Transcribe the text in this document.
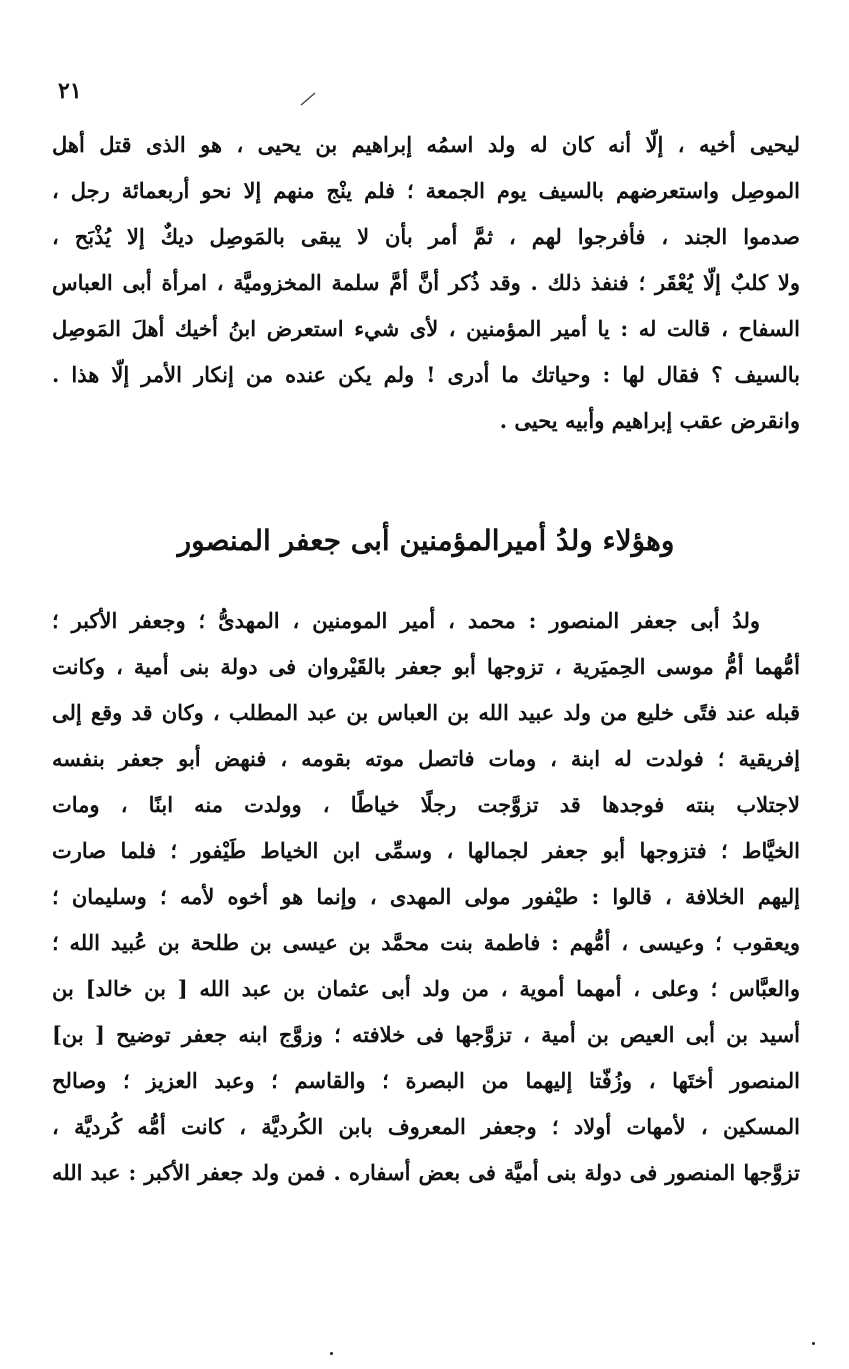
٢١
ليحيى أخيه ، إلّا أنه كان له ولد اسمُه إبراهيم بن يحيى ، هو الذى قتل أهل
الموصِل واستعرضهم بالسيف يوم الجمعة ؛ فلم ينْج منهم إلا نحو أربعمائة رجل ،
صدموا الجند ، فأفرجوا لهم ، ثمَّ أمر بأن لا يبقى بالمَوصِل ديكٌ إلا يُذْبَح ،
ولا كلبٌ إلّا يُعْقَر ؛ فنفذ ذلك . وقد ذُكر أنَّ أمَّ سلمة المخزوميَّة ، امرأة أبى العباس
السفاح ، قالت له : يا أمير المؤمنين ، لأى شيء استعرض ابنُ أخيك أهلَ المَوصِل
بالسيف ؟ فقال لها : وحياتك ما أدرى ! ولم يكن عنده من إنكار الأمر إلّا هذا .
وانقرض عقب إبراهيم وأبيه يحيى .
وهؤلاء ولدُ أميرالمؤمنين أبى جعفر المنصور
ولدُ أبى جعفر المنصور : محمد ، أمير المومنين ، المهدىُّ ؛ وجعفر الأكبر ؛
أمُّهما أمُّ موسى الحِميَرية ، تزوجها أبو جعفر بالقَيْروان فى دولة بنى أمية ، وكانت
قبله عند فتًى خليع من ولد عبيد الله بن العباس بن عبد المطلب ، وكان قد وقع إلى
إفريقية ؛ فولدت له ابنة ، ومات فاتصل موته بقومه ، فنهض أبو جعفر بنفسه
لاجتلاب بنته فوجدها قد تزوَّجت رجلًا خياطًا ، وولدت منه ابنًا ، ومات
الخيَّاط ؛ فتزوجها أبو جعفر لجمالها ، وسمِّى ابن الخياط طَيْفور ؛ فلما صارت
إليهم الخلافة ، قالوا : طيْفور مولى المهدى ، وإنما هو أخوه لأمه ؛ وسليمان ؛
ويعقوب ؛ وعيسى ، أمُّهم : فاطمة بنت محمَّد بن عيسى بن طلحة بن عُبيد الله ؛
والعبَّاس ؛ وعلى ، أمهما أموية ، من ولد أبى عثمان بن عبد الله [ بن خالد] بن
أسيد بن أبى العيص بن أمية ، تزوَّجها فى خلافته ؛ وزوَّج ابنه جعفر توضيح [ بن]
المنصور أختَها ، وزُفّتا إليهما من البصرة ؛ والقاسم ؛ وعبد العزيز ؛ وصالح
المسكين ، لأمهات أولاد ؛ وجعفر المعروف بابن الكُرديَّة ، كانت أمُّه كُرديَّة ،
تزوَّجها المنصور فى دولة بنى أميَّة فى بعض أسفاره . فمن ولد جعفر الأكبر : عبد الله
